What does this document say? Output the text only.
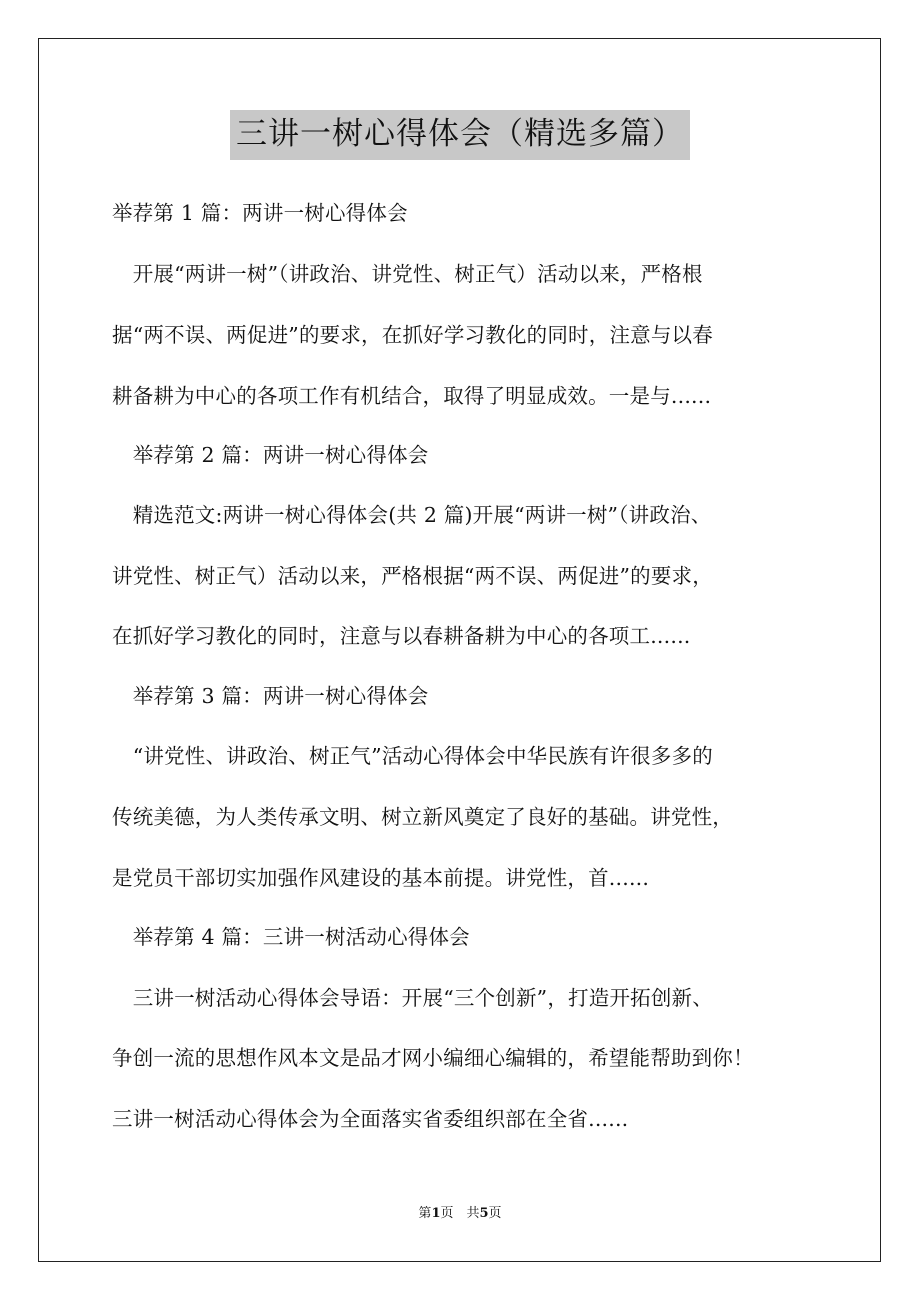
三讲一树心得体会（精选多篇）
举荐第 1 篇：两讲一树心得体会
　开展“两讲一树”（讲政治、讲党性、树正气）活动以来，严格根
据“两不误、两促进”的要求，在抓好学习教化的同时，注意与以春
耕备耕为中心的各项工作有机结合，取得了明显成效。一是与......
　举荐第 2 篇：两讲一树心得体会
　精选范文:两讲一树心得体会(共 2 篇)开展“两讲一树”（讲政治、
讲党性、树正气）活动以来，严格根据“两不误、两促进”的要求，
在抓好学习教化的同时，注意与以春耕备耕为中心的各项工......
　举荐第 3 篇：两讲一树心得体会
　“讲党性、讲政治、树正气”活动心得体会中华民族有许很多多的
传统美德，为人类传承文明、树立新风奠定了良好的基础。讲党性，
是党员干部切实加强作风建设的基本前提。讲党性，首......
　举荐第 4 篇：三讲一树活动心得体会
　三讲一树活动心得体会导语：开展“三个创新”，打造开拓创新、
争创一流的思想作风本文是品才网小编细心编辑的，希望能帮助到你！
三讲一树活动心得体会为全面落实省委组织部在全省......
第1页　共5页
